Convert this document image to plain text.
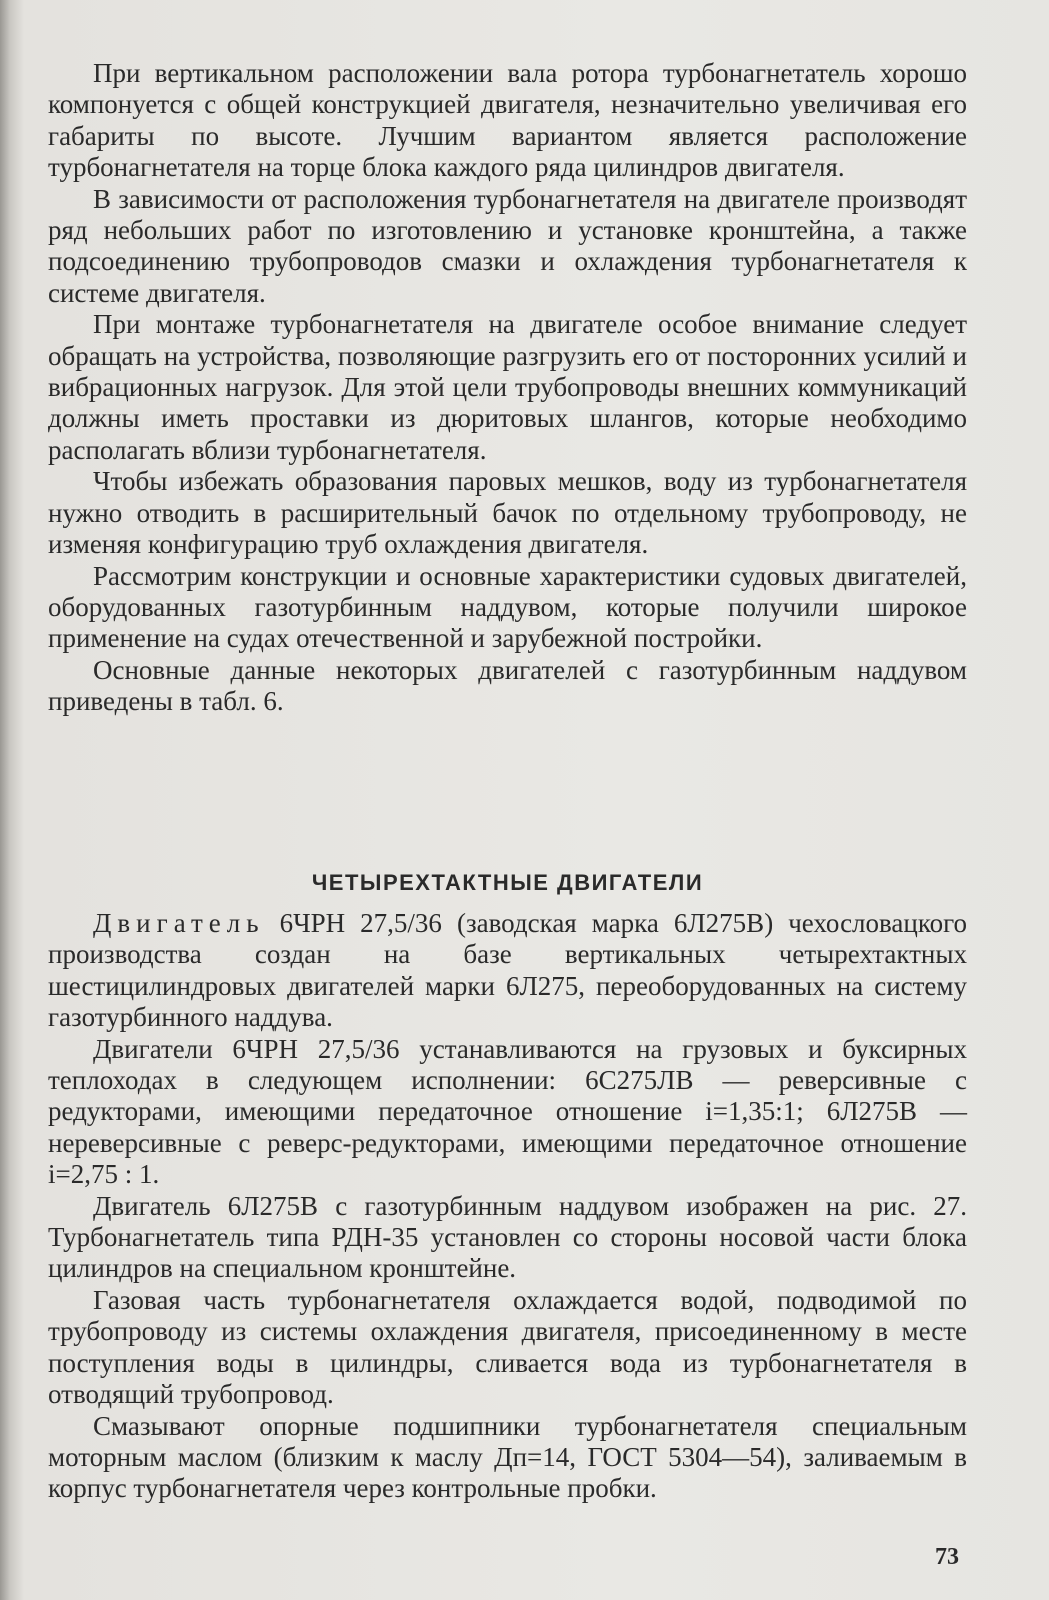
При вертикальном расположении вала ротора турбонагнетатель хорошо компонуется с общей конструкцией двигателя, незначительно увеличивая его габариты по высоте. Лучшим вариантом является расположение турбонагнетателя на торце блока каждого ряда цилиндров двигателя.

В зависимости от расположения турбонагнетателя на двигателе производят ряд небольших работ по изготовлению и установке кронштейна, а также подсоединению трубопроводов смазки и охлаждения турбонагнетателя к системе двигателя.

При монтаже турбонагнетателя на двигателе особое внимание следует обращать на устройства, позволяющие разгрузить его от посторонних усилий и вибрационных нагрузок. Для этой цели трубопроводы внешних коммуникаций должны иметь проставки из дюритовых шлангов, которые необходимо располагать вблизи турбонагнетателя.

Чтобы избежать образования паровых мешков, воду из турбонагнетателя нужно отводить в расширительный бачок по отдельному трубопроводу, не изменяя конфигурацию труб охлаждения двигателя.

Рассмотрим конструкции и основные характеристики судовых двигателей, оборудованных газотурбинным наддувом, которые получили широкое применение на судах отечественной и зарубежной постройки.

Основные данные некоторых двигателей с газотурбинным наддувом приведены в табл. 6.

ЧЕТЫРЕХТАКТНЫЕ ДВИГАТЕЛИ

Двигатель 6ЧРН 27,5/36 (заводская марка 6Л275В) чехословацкого производства создан на базе вертикальных четырехтактных шестицилиндровых двигателей марки 6Л275, переоборудованных на систему газотурбинного наддува.

Двигатели 6ЧРН 27,5/36 устанавливаются на грузовых и буксирных теплоходах в следующем исполнении: 6С275ЛВ — реверсивные с редукторами, имеющими передаточное отношение i=1,35:1; 6Л275В — нереверсивные с реверс-редукторами, имеющими передаточное отношение i=2,75 : 1.

Двигатель 6Л275В с газотурбинным наддувом изображен на рис. 27. Турбонагнетатель типа РДН-35 установлен со стороны носовой части блока цилиндров на специальном кронштейне.

Газовая часть турбонагнетателя охлаждается водой, подводимой по трубопроводу из системы охлаждения двигателя, присоединенному в месте поступления воды в цилиндры, сливается вода из турбонагнетателя в отводящий трубопровод.

Смазывают опорные подшипники турбонагнетателя специальным моторным маслом (близким к маслу Дп=14, ГОСТ 5304—54), заливаемым в корпус турбонагнетателя через контрольные пробки.

73
